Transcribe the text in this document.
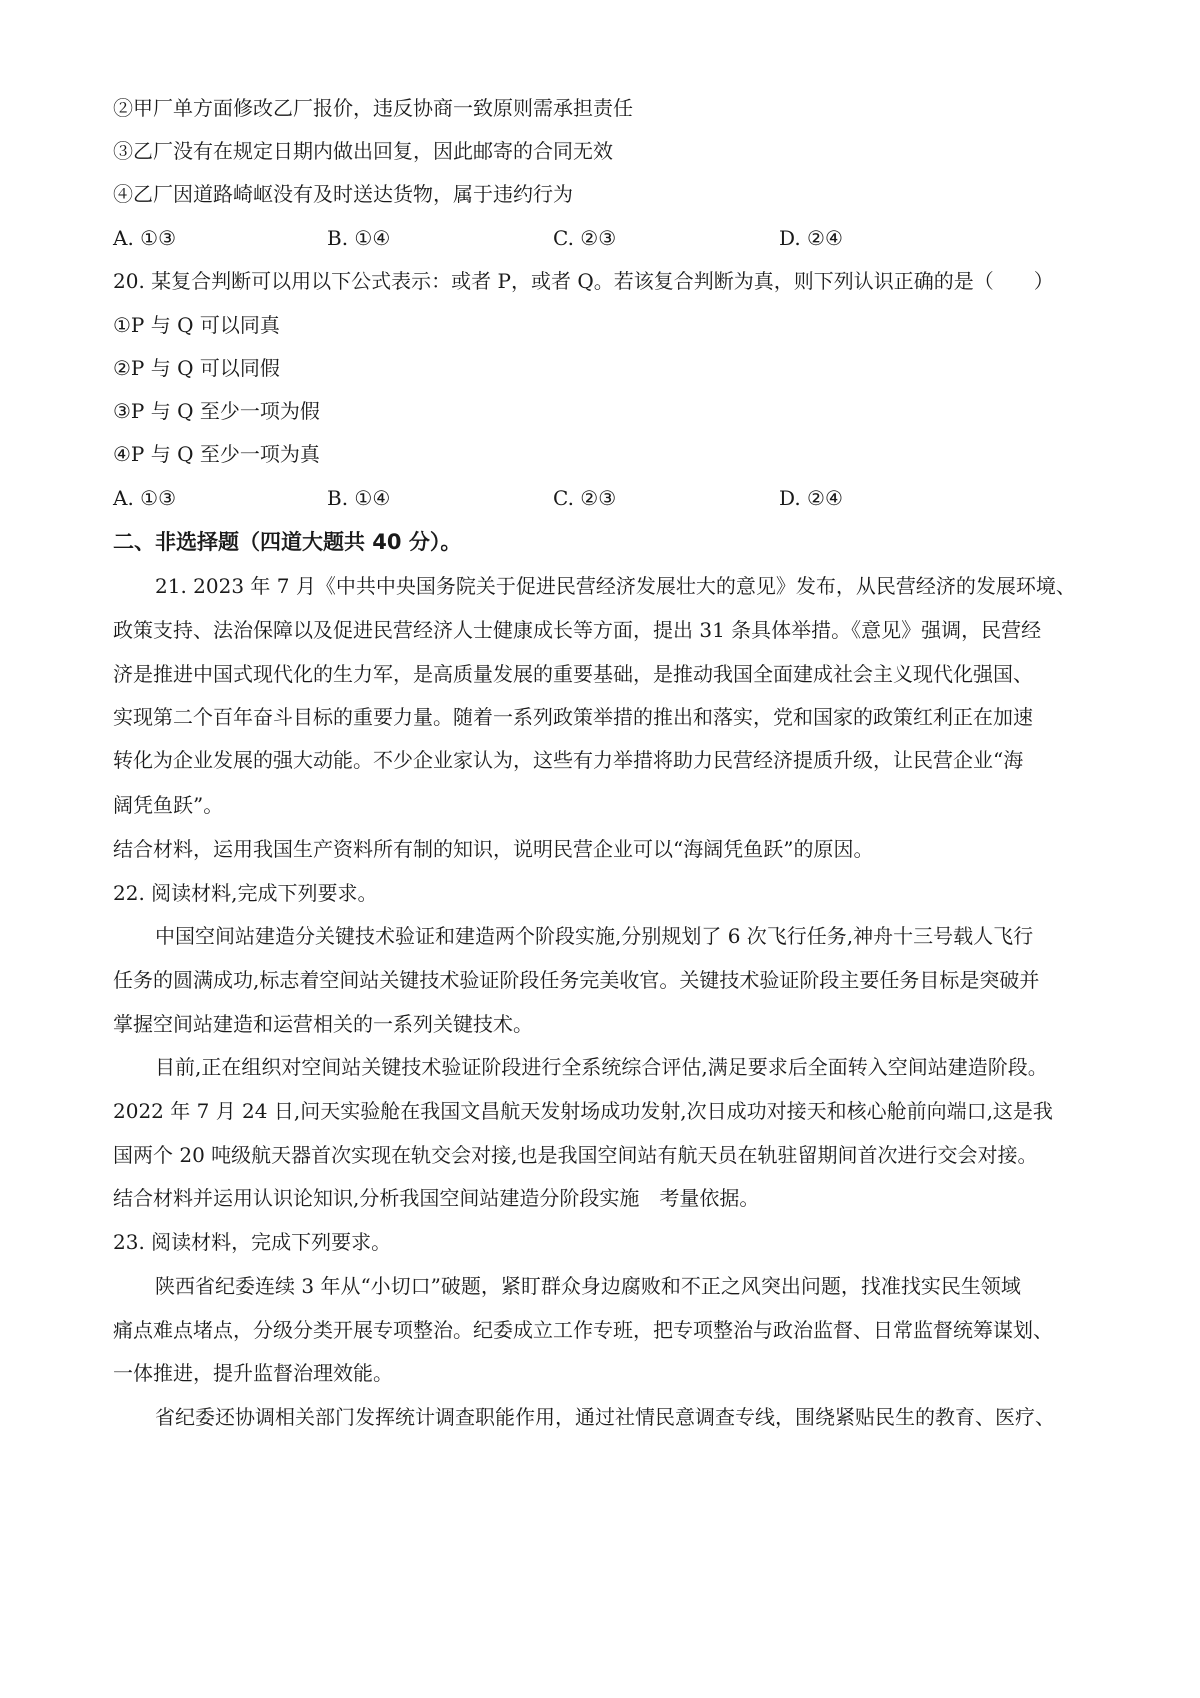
②甲厂单方面修改乙厂报价，违反协商一致原则需承担责任
③乙厂没有在规定日期内做出回复，因此邮寄的合同无效
④乙厂因道路崎岖没有及时送达货物，属于违约行为
A. ①③	B. ①④	C. ②③	D. ②④
20. 某复合判断可以用以下公式表示：或者 P，或者 Q。若该复合判断为真，则下列认识正确的是（　　）
①P 与 Q 可以同真
②P 与 Q 可以同假
③P 与 Q 至少一项为假
④P 与 Q 至少一项为真
A. ①③	B. ①④	C. ②③	D. ②④
二、非选择题（四道大题共 40 分）。
21. 2023 年 7 月《中共中央国务院关于促进民营经济发展壮大的意见》发布，从民营经济的发展环境、
政策支持、法治保障以及促进民营经济人士健康成长等方面，提出 31 条具体举措。《意见》强调，民营经
济是推进中国式现代化的生力军，是高质量发展的重要基础，是推动我国全面建成社会主义现代化强国、
实现第二个百年奋斗目标的重要力量。随着一系列政策举措的推出和落实，党和国家的政策红利正在加速
转化为企业发展的强大动能。不少企业家认为，这些有力举措将助力民营经济提质升级，让民营企业“海
阔凭鱼跃”。
结合材料，运用我国生产资料所有制的知识，说明民营企业可以“海阔凭鱼跃”的原因。
22. 阅读材料,完成下列要求。
中国空间站建造分关键技术验证和建造两个阶段实施,分别规划了 6 次飞行任务,神舟十三号载人飞行
任务的圆满成功,标志着空间站关键技术验证阶段任务完美收官。关键技术验证阶段主要任务目标是突破并
掌握空间站建造和运营相关的一系列关键技术。
目前,正在组织对空间站关键技术验证阶段进行全系统综合评估,满足要求后全面转入空间站建造阶段。
2022 年 7 月 24 日,问天实验舱在我国文昌航天发射场成功发射,次日成功对接天和核心舱前向端口,这是我
国两个 20 吨级航天器首次实现在轨交会对接,也是我国空间站有航天员在轨驻留期间首次进行交会对接。
结合材料并运用认识论知识,分析我国空间站建造分阶段实施　考量依据。
23. 阅读材料，完成下列要求。
陕西省纪委连续 3 年从“小切口”破题，紧盯群众身边腐败和不正之风突出问题，找准找实民生领域
痛点难点堵点，分级分类开展专项整治。纪委成立工作专班，把专项整治与政治监督、日常监督统筹谋划、
一体推进，提升监督治理效能。
省纪委还协调相关部门发挥统计调查职能作用，通过社情民意调查专线，围绕紧贴民生的教育、医疗、
